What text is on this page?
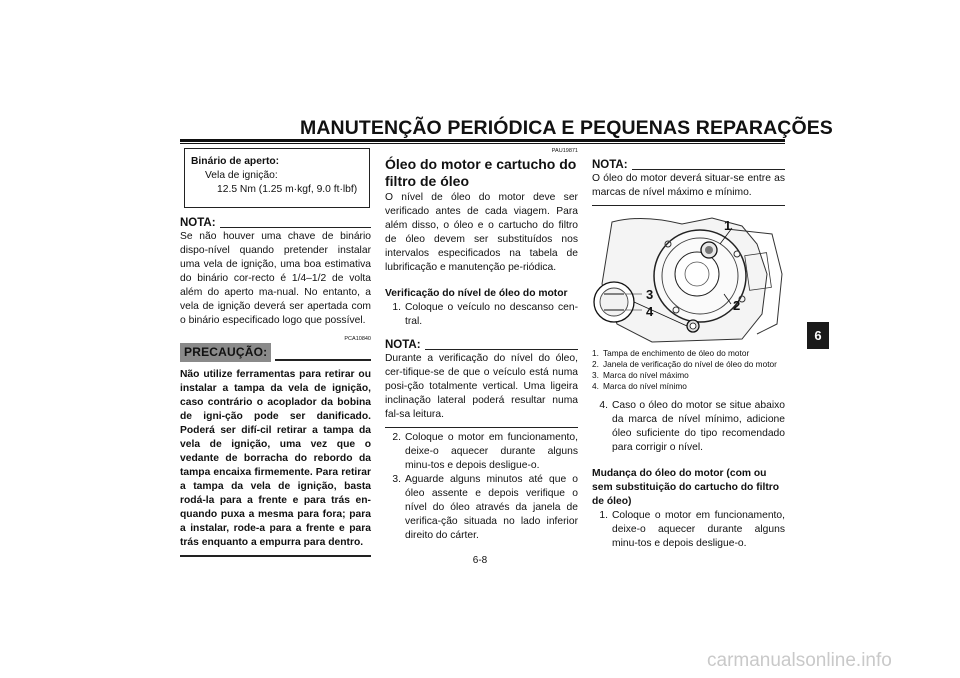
MANUTENÇÃO PERIÓDICA E PEQUENAS REPARAÇÕES
Binário de aperto:
Vela de ignição:
12.5 Nm (1.25 m·kgf, 9.0 ft·lbf)
NOTA:
Se não houver uma chave de binário dispo-nível quando pretender instalar uma vela de ignição, uma boa estimativa do binário cor-recto é 1/4–1/2 de volta além do aperto ma-nual. No entanto, a vela de ignição deverá ser apertada com o binário especificado logo que possível.
PCA10840
PRECAUÇÃO:
Não utilize ferramentas para retirar ou instalar a tampa da vela de ignição, caso contrário o acoplador da bobina de igni-ção pode ser danificado. Poderá ser difí-cil retirar a tampa da vela de ignição, uma vez que o vedante de borracha do rebordo da tampa encaixa firmemente. Para retirar a tampa da vela de ignição, basta rodá-la para a frente e para trás en-quando puxa a mesma para fora; para a instalar, rode-a para a frente e para trás enquanto a empurra para dentro.
PAU19871
Óleo do motor e cartucho do filtro de óleo
O nível de óleo do motor deve ser verificado antes de cada viagem. Para além disso, o óleo e o cartucho do filtro de óleo devem ser substituídos nos intervalos especificados na tabela de lubrificação e manutenção pe-riódica.
Verificação do nível de óleo do motor
1. Coloque o veículo no descanso cen-tral.
NOTA:
Durante a verificação do nível do óleo, cer-tifique-se de que o veículo está numa posi-ção totalmente vertical. Uma ligeira inclinação lateral poderá resultar numa fal-sa leitura.
2. Coloque o motor em funcionamento, deixe-o aquecer durante alguns minu-tos e depois desligue-o.
3. Aguarde alguns minutos até que o óleo assente e depois verifique o nível do óleo através da janela de verifica-ção situada no lado inferior direito do cárter.
NOTA:
O óleo do motor deverá situar-se entre as marcas de nível máximo e mínimo.
1
2
3
4
1. Tampa de enchimento de óleo do motor
2. Janela de verificação do nível de óleo do motor
3. Marca do nível máximo
4. Marca do nível mínimo
4. Caso o óleo do motor se situe abaixo da marca de nível mínimo, adicione óleo suficiente do tipo recomendado para corrigir o nível.
Mudança do óleo do motor (com ou sem substituição do cartucho do filtro de óleo)
1. Coloque o motor em funcionamento, deixe-o aquecer durante alguns minu-tos e depois desligue-o.
6
6-8
carmanualsonline.info
